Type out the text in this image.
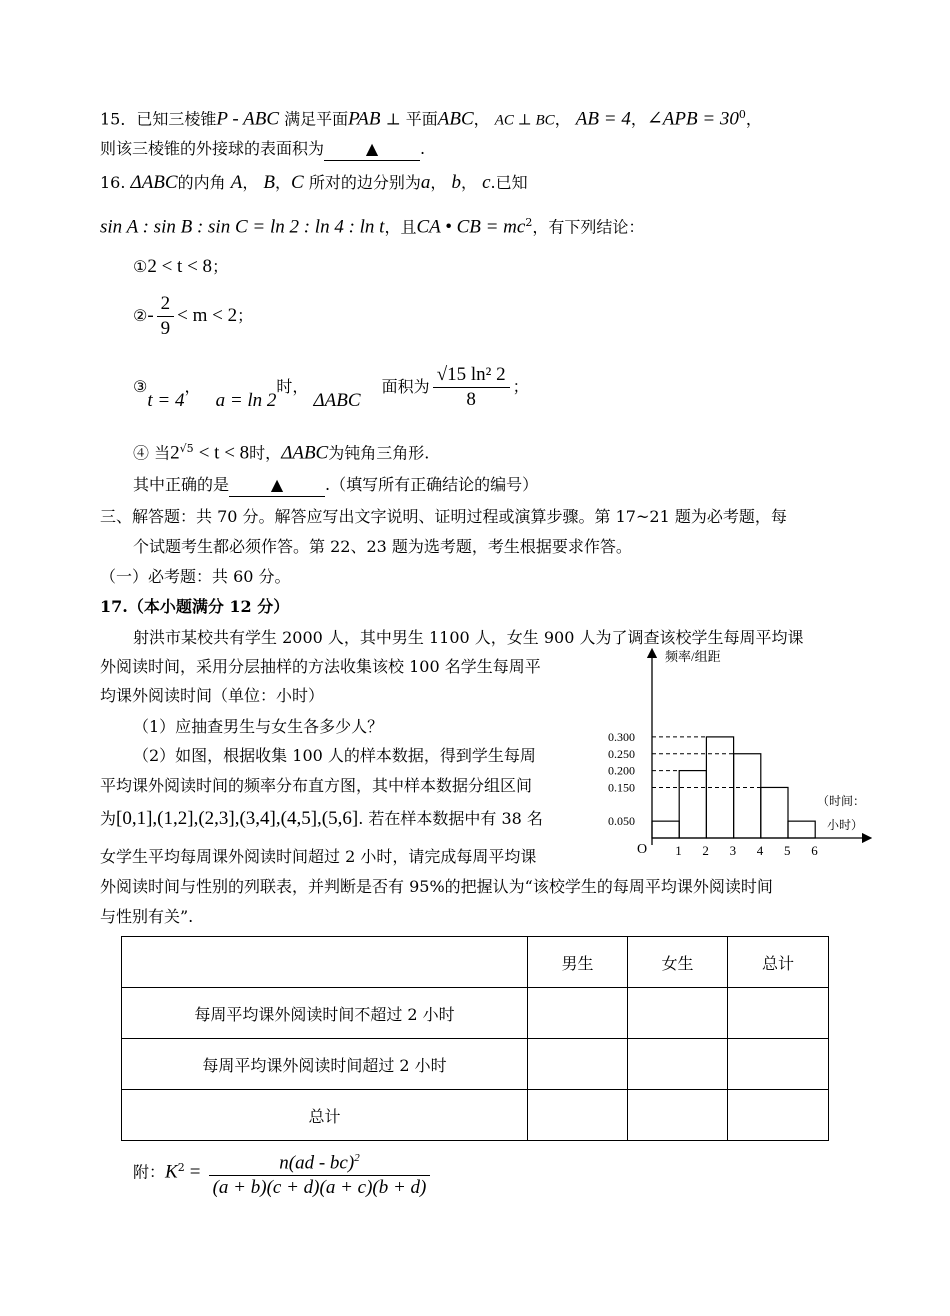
15．已知三棱锥P - ABC 满足平面PAB ⊥ 平面ABC， AC ⊥ BC， AB = 4，∠APB = $30^0$，
则该三棱锥的外接球的表面积为	▲	.
16. ΔABC的内角 A， B，C 所对的边分别为a， b， c.已知
sin A : sin B : sin C = ln 2 : ln 4 : ln t，且CA • CB = $mc^2$，有下列结论：
①2 < t < 8；
②- $\frac{2}{9} < m < 2$；
③t = 4， a = ln 2时， ΔABC 面积为 $\frac{\text{√15 ln² 2}}{8}$ ；
④ 当$2^{√5} < t < 8$时，ΔABC为钝角三角形.
其中正确的是	▲	.（填写所有正确结论的编号）
三、解答题：共 70 分。解答应写出文字说明、证明过程或演算步骤。第 17~21 题为必考题，每
个试题考生都必须作答。第 22、23 题为选考题，考生根据要求作答。
（一）必考题：共 60 分。
17.（本小题满分 12 分）
射洪市某校共有学生 2000 人，其中男生 1100 人，女生 900 人为了调查该校学生每周平均课
外阅读时间，采用分层抽样的方法收集该校 100 名学生每周平
均课外阅读时间（单位：小时）
（1）应抽查男生与女生各多少人？
（2）如图，根据收集 100 人的样本数据，得到学生每周
平均课外阅读时间的频率分布直方图，其中样本数据分组区间
为[0,1],(1,2],(2,3],(3,4],(4,5],(5,6]. 若在样本数据中有 38 名
女学生平均每周课外阅读时间超过 2 小时，请完成每周平均课
外阅读时间与性别的列联表，并判断是否有 95%的把握认为“该校学生的每周平均课外阅读时间
与性别有关”.
频率/组距
O
（时间：
小时）
0.300
0.250
0.200
0.150
0.050
1 2 3 4 5 6
	男生	女生	总计
每周平均课外阅读时间不超过 2 小时			
每周平均课外阅读时间超过 2 小时			
总计			
附：$K^2 = \frac{n(ad - bc)^2}{(a + b)(c + d)(a + c)(b + d)}$
